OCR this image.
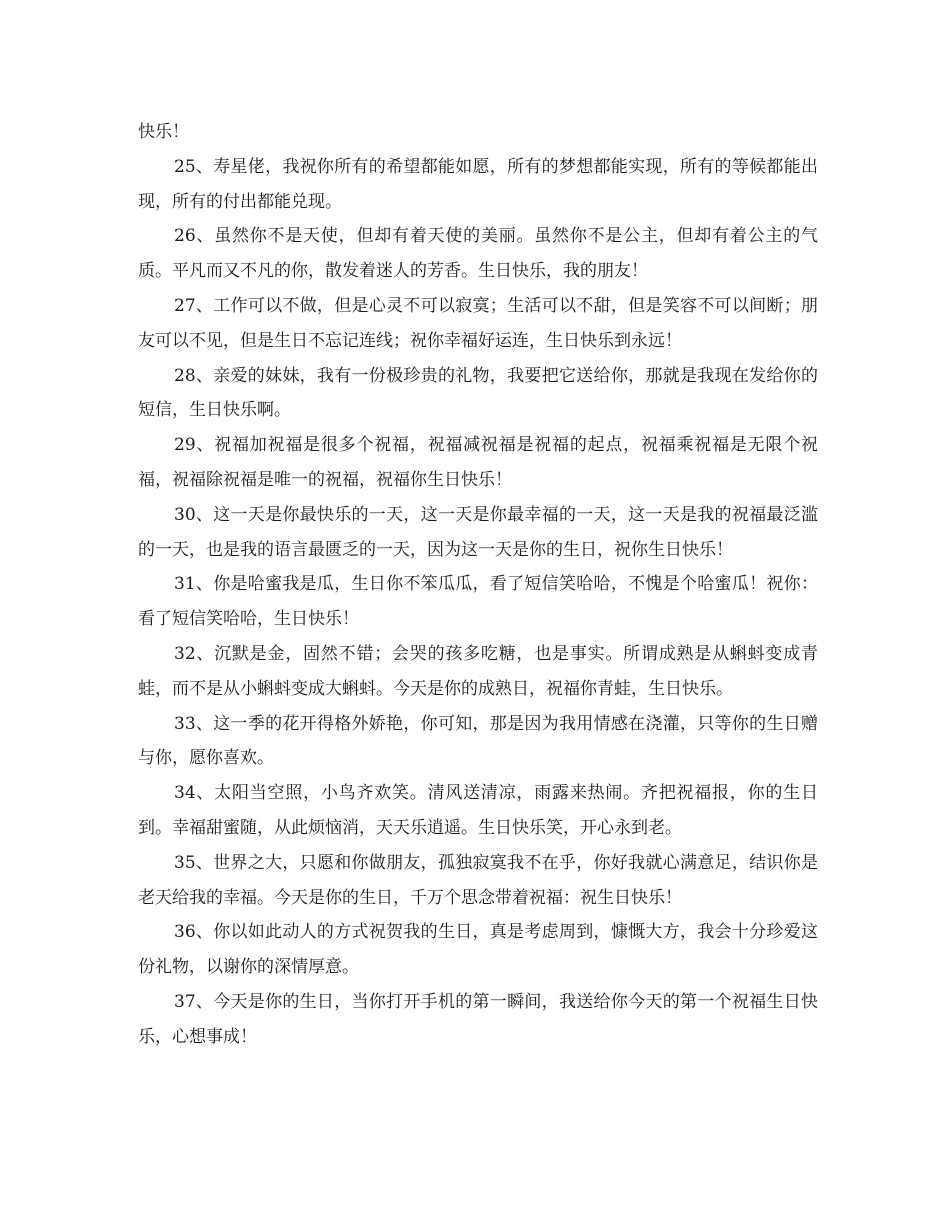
快乐！

25、寿星佬，我祝你所有的希望都能如愿，所有的梦想都能实现，所有的等候都能出现，所有的付出都能兑现。

26、虽然你不是天使，但却有着天使的美丽。虽然你不是公主，但却有着公主的气质。平凡而又不凡的你，散发着迷人的芳香。生日快乐，我的朋友！

27、工作可以不做，但是心灵不可以寂寞；生活可以不甜，但是笑容不可以间断；朋友可以不见，但是生日不忘记连线；祝你幸福好运连，生日快乐到永远！

28、亲爱的妹妹，我有一份极珍贵的礼物，我要把它送给你，那就是我现在发给你的短信，生日快乐啊。

29、祝福加祝福是很多个祝福，祝福减祝福是祝福的起点，祝福乘祝福是无限个祝福，祝福除祝福是唯一的祝福，祝福你生日快乐！

30、这一天是你最快乐的一天，这一天是你最幸福的一天，这一天是我的祝福最泛滥的一天，也是我的语言最匮乏的一天，因为这一天是你的生日，祝你生日快乐！

31、你是哈蜜我是瓜，生日你不笨瓜瓜，看了短信笑哈哈，不愧是个哈蜜瓜！祝你：看了短信笑哈哈，生日快乐！

32、沉默是金，固然不错；会哭的孩多吃糖，也是事实。所谓成熟是从蝌蚪变成青蛙，而不是从小蝌蚪变成大蝌蚪。今天是你的成熟日，祝福你青蛙，生日快乐。

33、这一季的花开得格外娇艳，你可知，那是因为我用情感在浇灌，只等你的生日赠与你，愿你喜欢。

34、太阳当空照，小鸟齐欢笑。清风送清凉，雨露来热闹。齐把祝福报，你的生日到。幸福甜蜜随，从此烦恼消，天天乐逍遥。生日快乐笑，开心永到老。

35、世界之大，只愿和你做朋友，孤独寂寞我不在乎，你好我就心满意足，结识你是老天给我的幸福。今天是你的生日，千万个思念带着祝福：祝生日快乐！

36、你以如此动人的方式祝贺我的生日，真是考虑周到，慷慨大方，我会十分珍爱这份礼物，以谢你的深情厚意。

37、今天是你的生日，当你打开手机的第一瞬间，我送给你今天的第一个祝福生日快乐，心想事成！
